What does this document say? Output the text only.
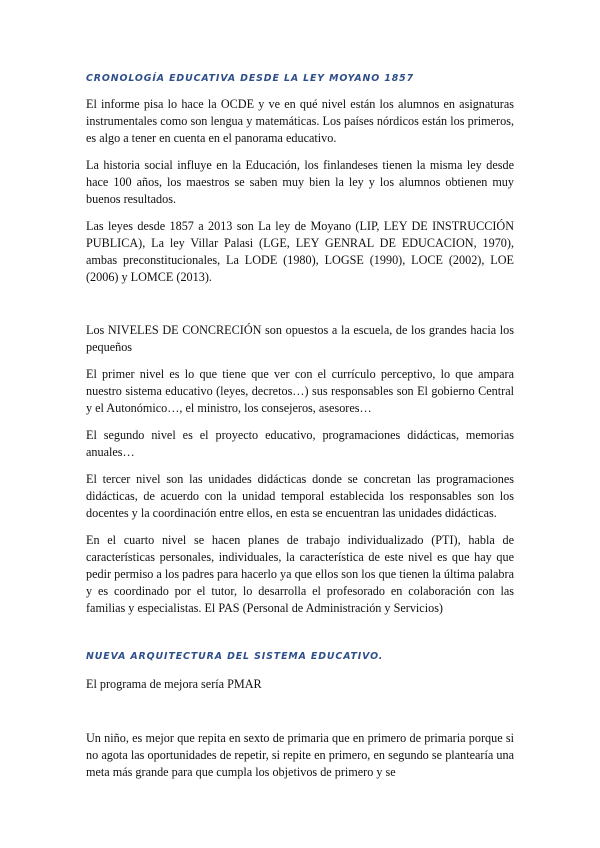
CRONOLOGÍA EDUCATIVA DESDE LA LEY MOYANO 1857

El informe pisa lo hace la OCDE y ve en qué nivel están los alumnos en asignaturas instrumentales como son lengua y matemáticas. Los países nórdicos están los primeros, es algo a tener en cuenta en el panorama educativo.

La historia social influye en la Educación, los finlandeses tienen la misma ley desde hace 100 años, los maestros se saben muy bien la ley y los alumnos obtienen muy buenos resultados.

Las leyes desde 1857 a 2013 son La ley de Moyano (LIP, LEY DE INSTRUCCIÓN PUBLICA), La ley Villar Palasi (LGE, LEY GENRAL DE EDUCACION, 1970), ambas preconstitucionales, La LODE (1980), LOGSE (1990), LOCE (2002), LOE (2006) y LOMCE (2013).

Los NIVELES DE CONCRECIÓN son opuestos a la escuela, de los grandes hacia los pequeños

El primer nivel es lo que tiene que ver con el currículo perceptivo, lo que ampara nuestro sistema educativo (leyes, decretos…) sus responsables son El gobierno Central y el Autonómico…, el ministro, los consejeros, asesores…

El segundo nivel es el proyecto educativo, programaciones didácticas, memorias anuales…

El tercer nivel son las unidades didácticas donde se concretan las programaciones didácticas, de acuerdo con la unidad temporal establecida los responsables son los docentes y la coordinación entre ellos, en esta se encuentran las unidades didácticas.

En el cuarto nivel se hacen planes de trabajo individualizado (PTI), habla de características personales, individuales, la característica de este nivel es que hay que pedir permiso a los padres para hacerlo ya que ellos son los que tienen la última palabra y es coordinado por el tutor, lo desarrolla el profesorado en colaboración con las familias y especialistas. El PAS (Personal de Administración y Servicios)

NUEVA ARQUITECTURA DEL SISTEMA EDUCATIVO.

El programa de mejora sería PMAR

Un niño, es mejor que repita en sexto de primaria que en primero de primaria porque si no agota las oportunidades de repetir, si repite en primero, en segundo se plantearía una meta más grande para que cumpla los objetivos de primero y se
